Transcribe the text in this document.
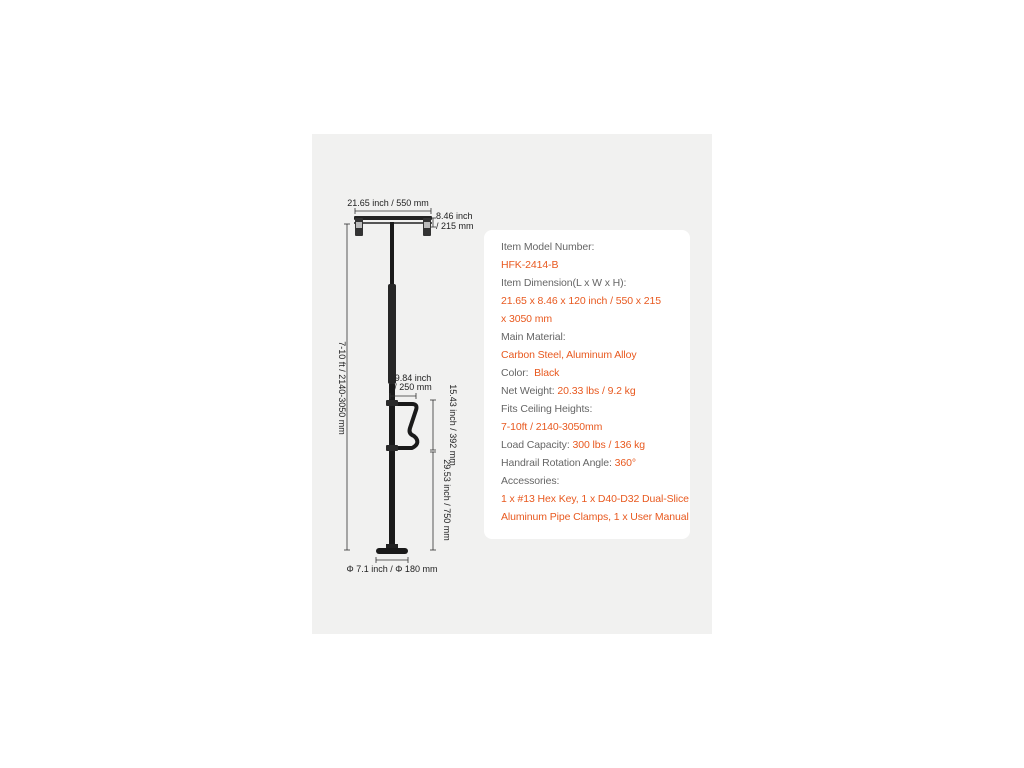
21.65 inch / 550 mm
8.46 inch
/ 215 mm
7-10 ft / 2140-3050 mm	9.84 inch
/ 250 mm 15.43 inch / 392 mm
29.53 inch / 750 mm
Φ 7.1 inch / Φ 180 mm
Item Model Number:
HFK-2414-B
Item Dimension(L x W x H):
21.65 x 8.46 x 120 inch / 550 x 215
x 3050 mm
Main Material:
Carbon Steel, Aluminum Alloy
Color: Black
Net Weight: 20.33 lbs / 9.2 kg
Fits Ceiling Heights:
7-10ft / 2140-3050mm
Load Capacity: 300 lbs / 136 kg
Handrail Rotation Angle: 360°
Accessories:
1 x #13 Hex Key, 1 x D40-D32 Dual-Slice
Aluminum Pipe Clamps, 1 x User Manual
